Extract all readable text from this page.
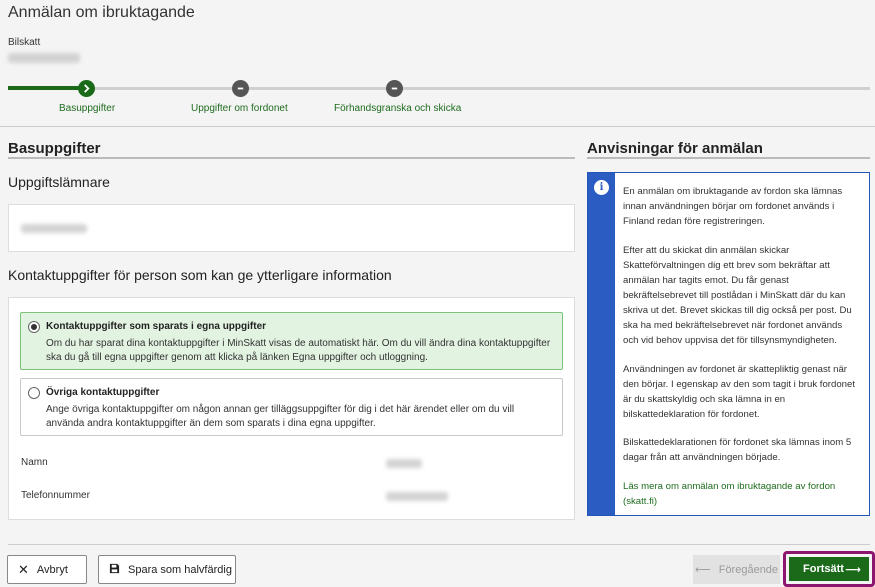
Anmälan om ibruktagande
Bilskatt
Basuppgifter	Uppgifter om fordonet	Förhandsgranska och skicka
Basuppgifter
Uppgiftslämnare
Kontaktuppgifter för person som kan ge ytterligare information
Kontaktuppgifter som sparats i egna uppgifter
Om du har sparat dina kontaktuppgifter i MinSkatt visas de automatiskt här. Om du vill ändra dina kontaktuppgifter ska du gå till egna uppgifter genom att klicka på länken Egna uppgifter och utloggning.
Övriga kontaktuppgifter
Ange övriga kontaktuppgifter om någon annan ger tilläggsuppgifter för dig i det här ärendet eller om du vill använda andra kontaktuppgifter än dem som sparats i dina egna uppgifter.
Namn
Telefonnummer
Anvisningar för anmälan
i	En anmälan om ibruktagande av fordon ska lämnas innan användningen börjar om fordonet används i Finland redan före registreringen.
Efter att du skickat din anmälan skickar Skatteförvaltningen dig ett brev som bekräftar att anmälan har tagits emot. Du får genast bekräftelsebrevet till postlådan i MinSkatt där du kan skriva ut det. Brevet skickas till dig också per post. Du ska ha med bekräftelsebrevet när fordonet används och vid behov uppvisa det för tillsynsmyndigheten.
Användningen av fordonet är skattepliktig genast när den börjar. I egenskap av den som tagit i bruk fordonet är du skattskyldig och ska lämna in en bilskattedeklaration för fordonet.
Bilskattedeklarationen för fordonet ska lämnas inom 5 dagar från att användningen började.
Läs mera om anmälan om ibruktagande av fordon (skatt.fi)
✕ Avbryt	Spara som halvfärdig	⟵ Föregående Fortsätt ⟶
